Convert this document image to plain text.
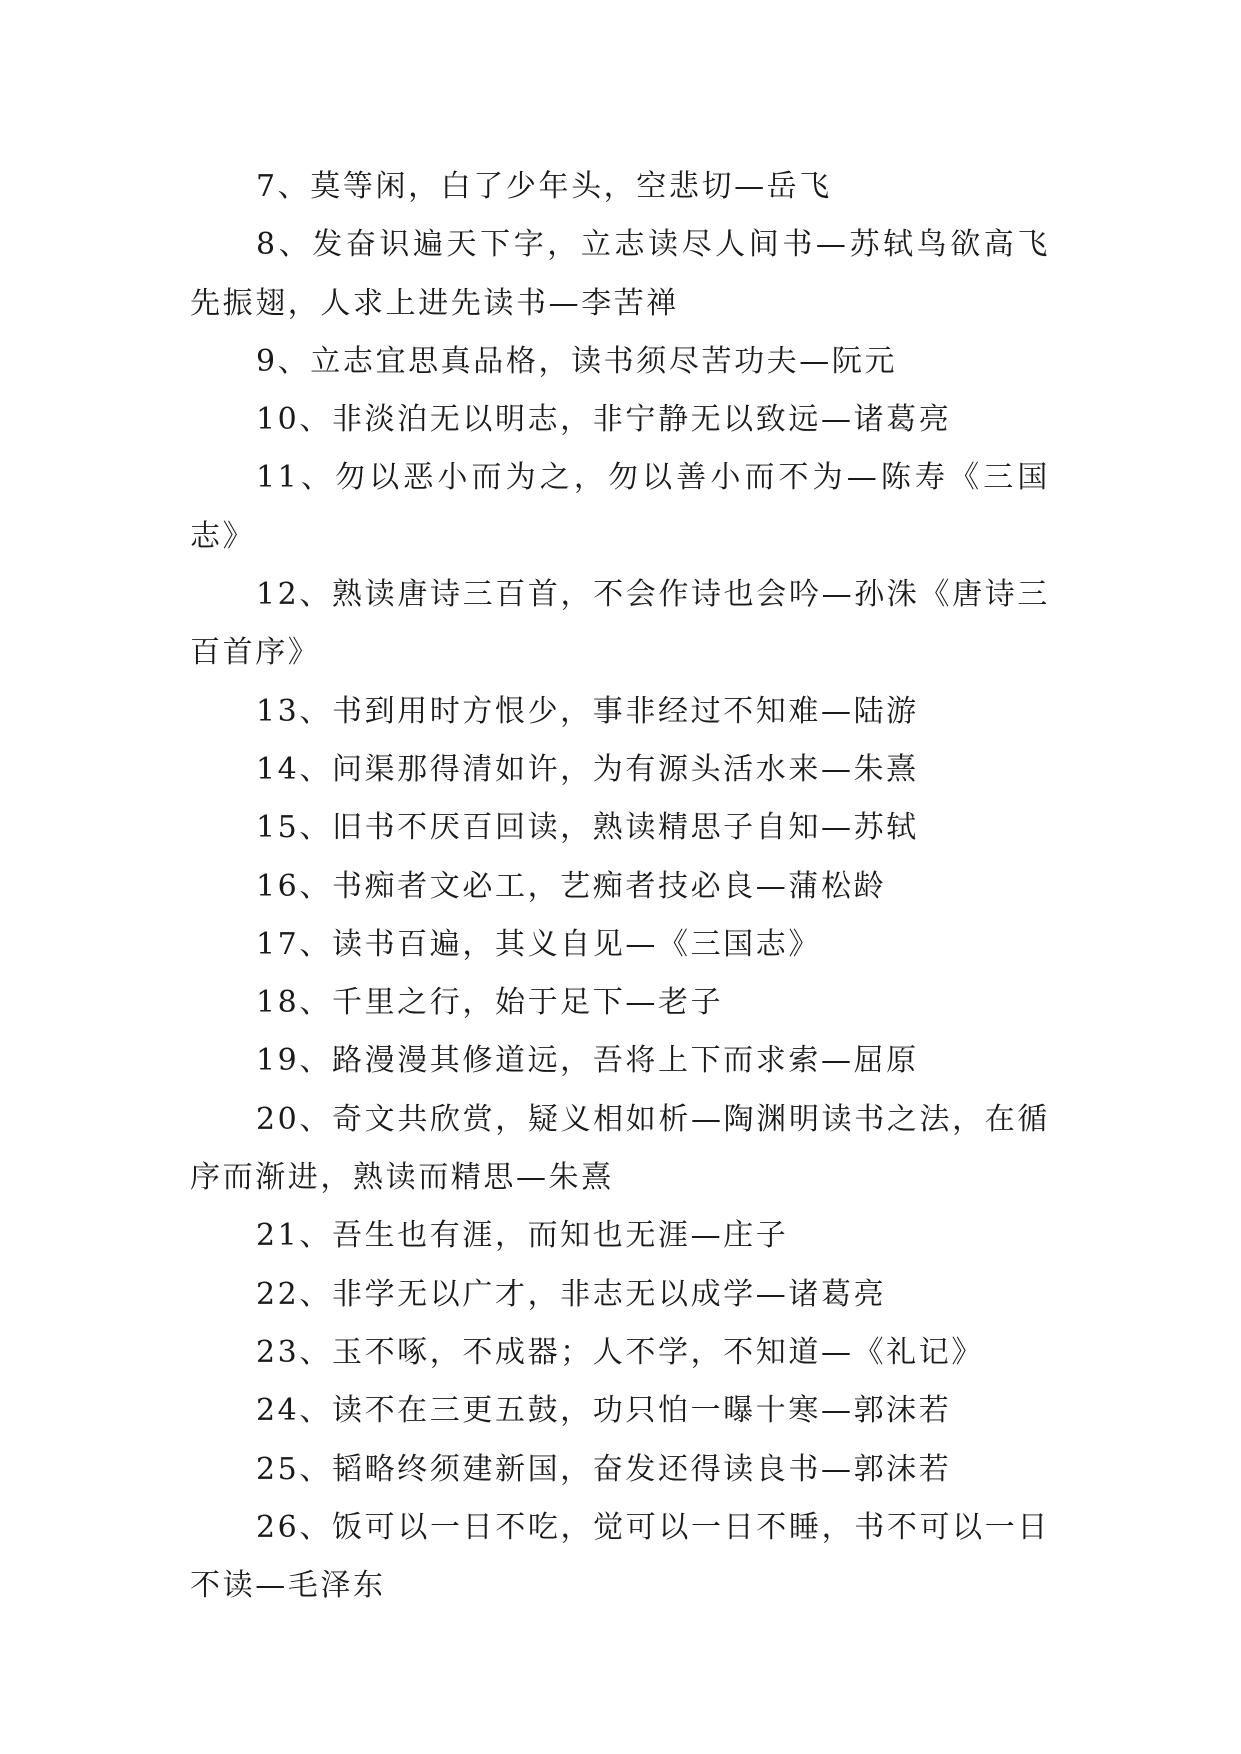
7、莫等闲，白了少年头，空悲切—岳飞

8、发奋识遍天下字，立志读尽人间书—苏轼鸟欲高飞先振翅，人求上进先读书—李苦禅

9、立志宜思真品格，读书须尽苦功夫—阮元

10、非淡泊无以明志，非宁静无以致远—诸葛亮

11、勿以恶小而为之，勿以善小而不为—陈寿《三国志》

12、熟读唐诗三百首，不会作诗也会吟—孙洙《唐诗三百首序》

13、书到用时方恨少，事非经过不知难—陆游

14、问渠那得清如许，为有源头活水来—朱熹

15、旧书不厌百回读，熟读精思子自知—苏轼

16、书痴者文必工，艺痴者技必良—蒲松龄

17、读书百遍，其义自见—《三国志》

18、千里之行，始于足下—老子

19、路漫漫其修道远，吾将上下而求索—屈原

20、奇文共欣赏，疑义相如析—陶渊明读书之法，在循序而渐进，熟读而精思—朱熹

21、吾生也有涯，而知也无涯—庄子

22、非学无以广才，非志无以成学—诸葛亮

23、玉不啄，不成器；人不学，不知道—《礼记》

24、读不在三更五鼓，功只怕一曝十寒—郭沫若

25、韬略终须建新国，奋发还得读良书—郭沫若

26、饭可以一日不吃，觉可以一日不睡，书不可以一日不读—毛泽东
